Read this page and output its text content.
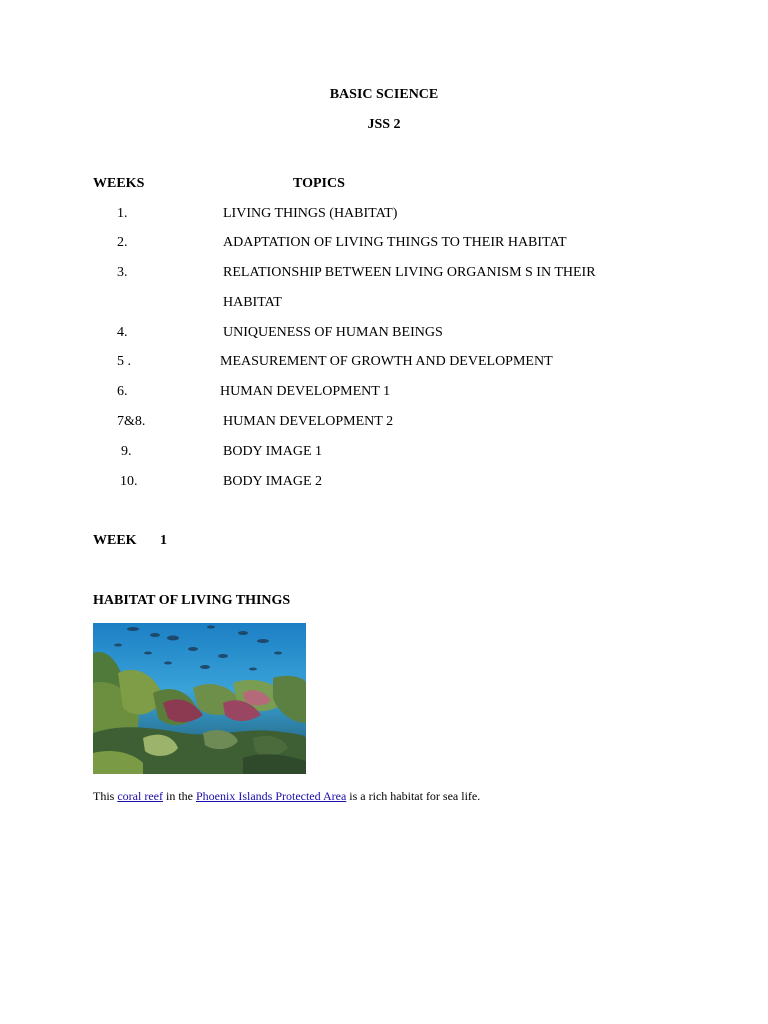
BASIC SCIENCE
JSS 2
WEEKS	TOPICS
1.	LIVING THINGS (HABITAT)
2.	ADAPTATION OF LIVING THINGS TO THEIR HABITAT
3.	RELATIONSHIP BETWEEN LIVING ORGANISM S IN THEIR
HABITAT
4.	UNIQUENESS OF HUMAN BEINGS
5 .	MEASUREMENT OF GROWTH AND DEVELOPMENT
6.	HUMAN DEVELOPMENT 1
7&8.	HUMAN DEVELOPMENT 2
9.	BODY IMAGE 1
10.	BODY IMAGE 2
WEEK 1
HABITAT OF LIVING THINGS
This coral reef in the Phoenix Islands Protected Area is a rich habitat for sea life.
